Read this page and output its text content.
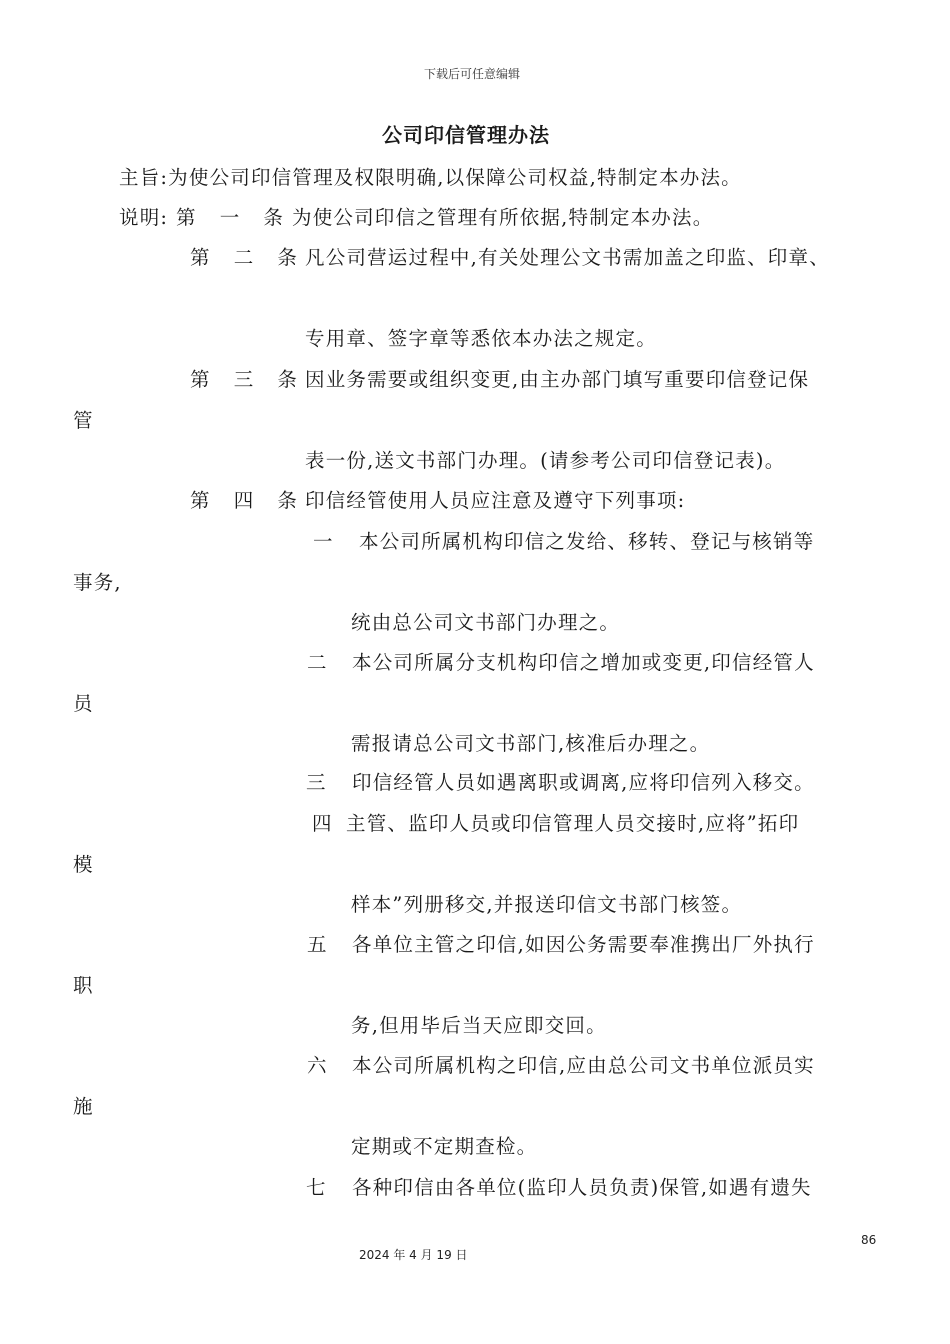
下载后可任意编辑
公司印信管理办法
主旨:为使公司印信管理及权限明确,以保障公司权益,特制定本办法。
说明: 第 一 条 为使公司印信之管理有所依据,特制定本办法。
第 二 条 凡公司营运过程中,有关处理公文书需加盖之印监、印章、
专用章、签字章等悉依本办法之规定。
第 三 条 因业务需要或组织变更,由主办部门填写重要印信登记保
管
表一份,送文书部门办理。(请参考公司印信登记表)。
第 四 条 印信经管使用人员应注意及遵守下列事项:
一 本公司所属机构印信之发给、移转、登记与核销等
事务,
统由总公司文书部门办理之。
二 本公司所属分支机构印信之增加或变更,印信经管人
员
需报请总公司文书部门,核准后办理之。
三 印信经管人员如遇离职或调离,应将印信列入移交。
四 主管、监印人员或印信管理人员交接时,应将”拓印
模
样本”列册移交,并报送印信文书部门核签。
五 各单位主管之印信,如因公务需要奉准携出厂外执行
职
务,但用毕后当天应即交回。
六 本公司所属机构之印信,应由总公司文书单位派员实
施
定期或不定期查检。
七 各种印信由各单位(监印人员负责)保管,如遇有遗失
86
2024 年 4 月 19 日
